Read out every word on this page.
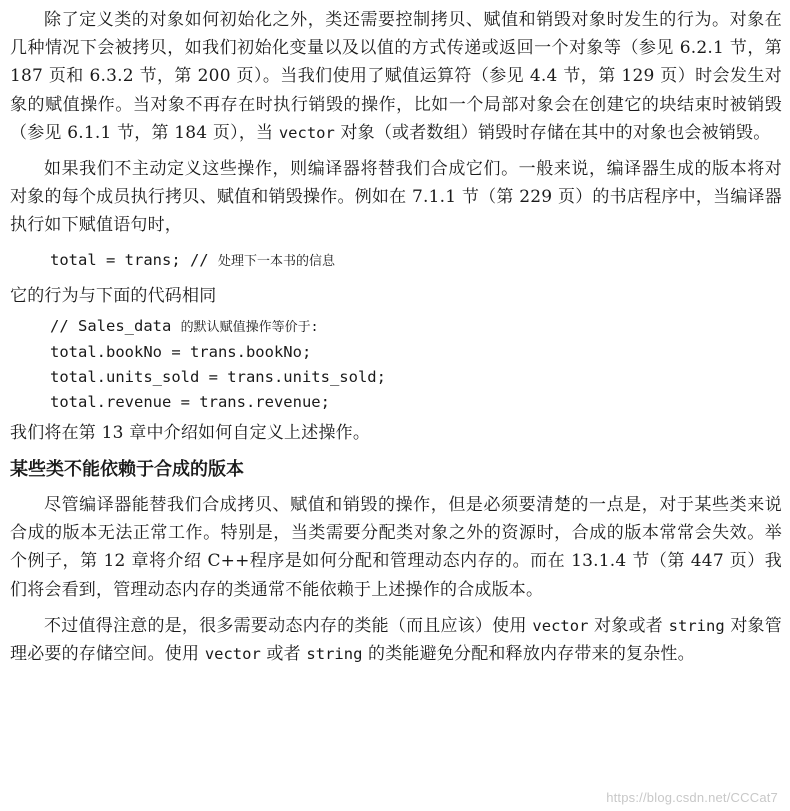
除了定义类的对象如何初始化之外，类还需要控制拷贝、赋值和销毁对象时发生的行为。对象在几种情况下会被拷贝，如我们初始化变量以及以值的方式传递或返回一个对象等（参见 6.2.1 节，第 187 页和 6.3.2 节，第 200 页）。当我们使用了赋值运算符（参见 4.4 节，第 129 页）时会发生对象的赋值操作。当对象不再存在时执行销毁的操作，比如一个局部对象会在创建它的块结束时被销毁（参见 6.1.1 节，第 184 页），当 vector 对象（或者数组）销毁时存储在其中的对象也会被销毁。

如果我们不主动定义这些操作，则编译器将替我们合成它们。一般来说，编译器生成的版本将对对象的每个成员执行拷贝、赋值和销毁操作。例如在 7.1.1 节（第 229 页）的书店程序中，当编译器执行如下赋值语句时，

total = trans; // 处理下一本书的信息

它的行为与下面的代码相同

// Sales_data 的默认赋值操作等价于:
total.bookNo = trans.bookNo;
total.units_sold = trans.units_sold;
total.revenue = trans.revenue;

我们将在第 13 章中介绍如何自定义上述操作。

某些类不能依赖于合成的版本

尽管编译器能替我们合成拷贝、赋值和销毁的操作，但是必须要清楚的一点是，对于某些类来说合成的版本无法正常工作。特别是，当类需要分配类对象之外的资源时，合成的版本常常会失效。举个例子，第 12 章将介绍 C++程序是如何分配和管理动态内存的。而在 13.1.4 节（第 447 页）我们将会看到，管理动态内存的类通常不能依赖于上述操作的合成版本。

不过值得注意的是，很多需要动态内存的类能（而且应该）使用 vector 对象或者 string 对象管理必要的存储空间。使用 vector 或者 string 的类能避免分配和释放内存带来的复杂性。

https://blog.csdn.net/CCCat7
